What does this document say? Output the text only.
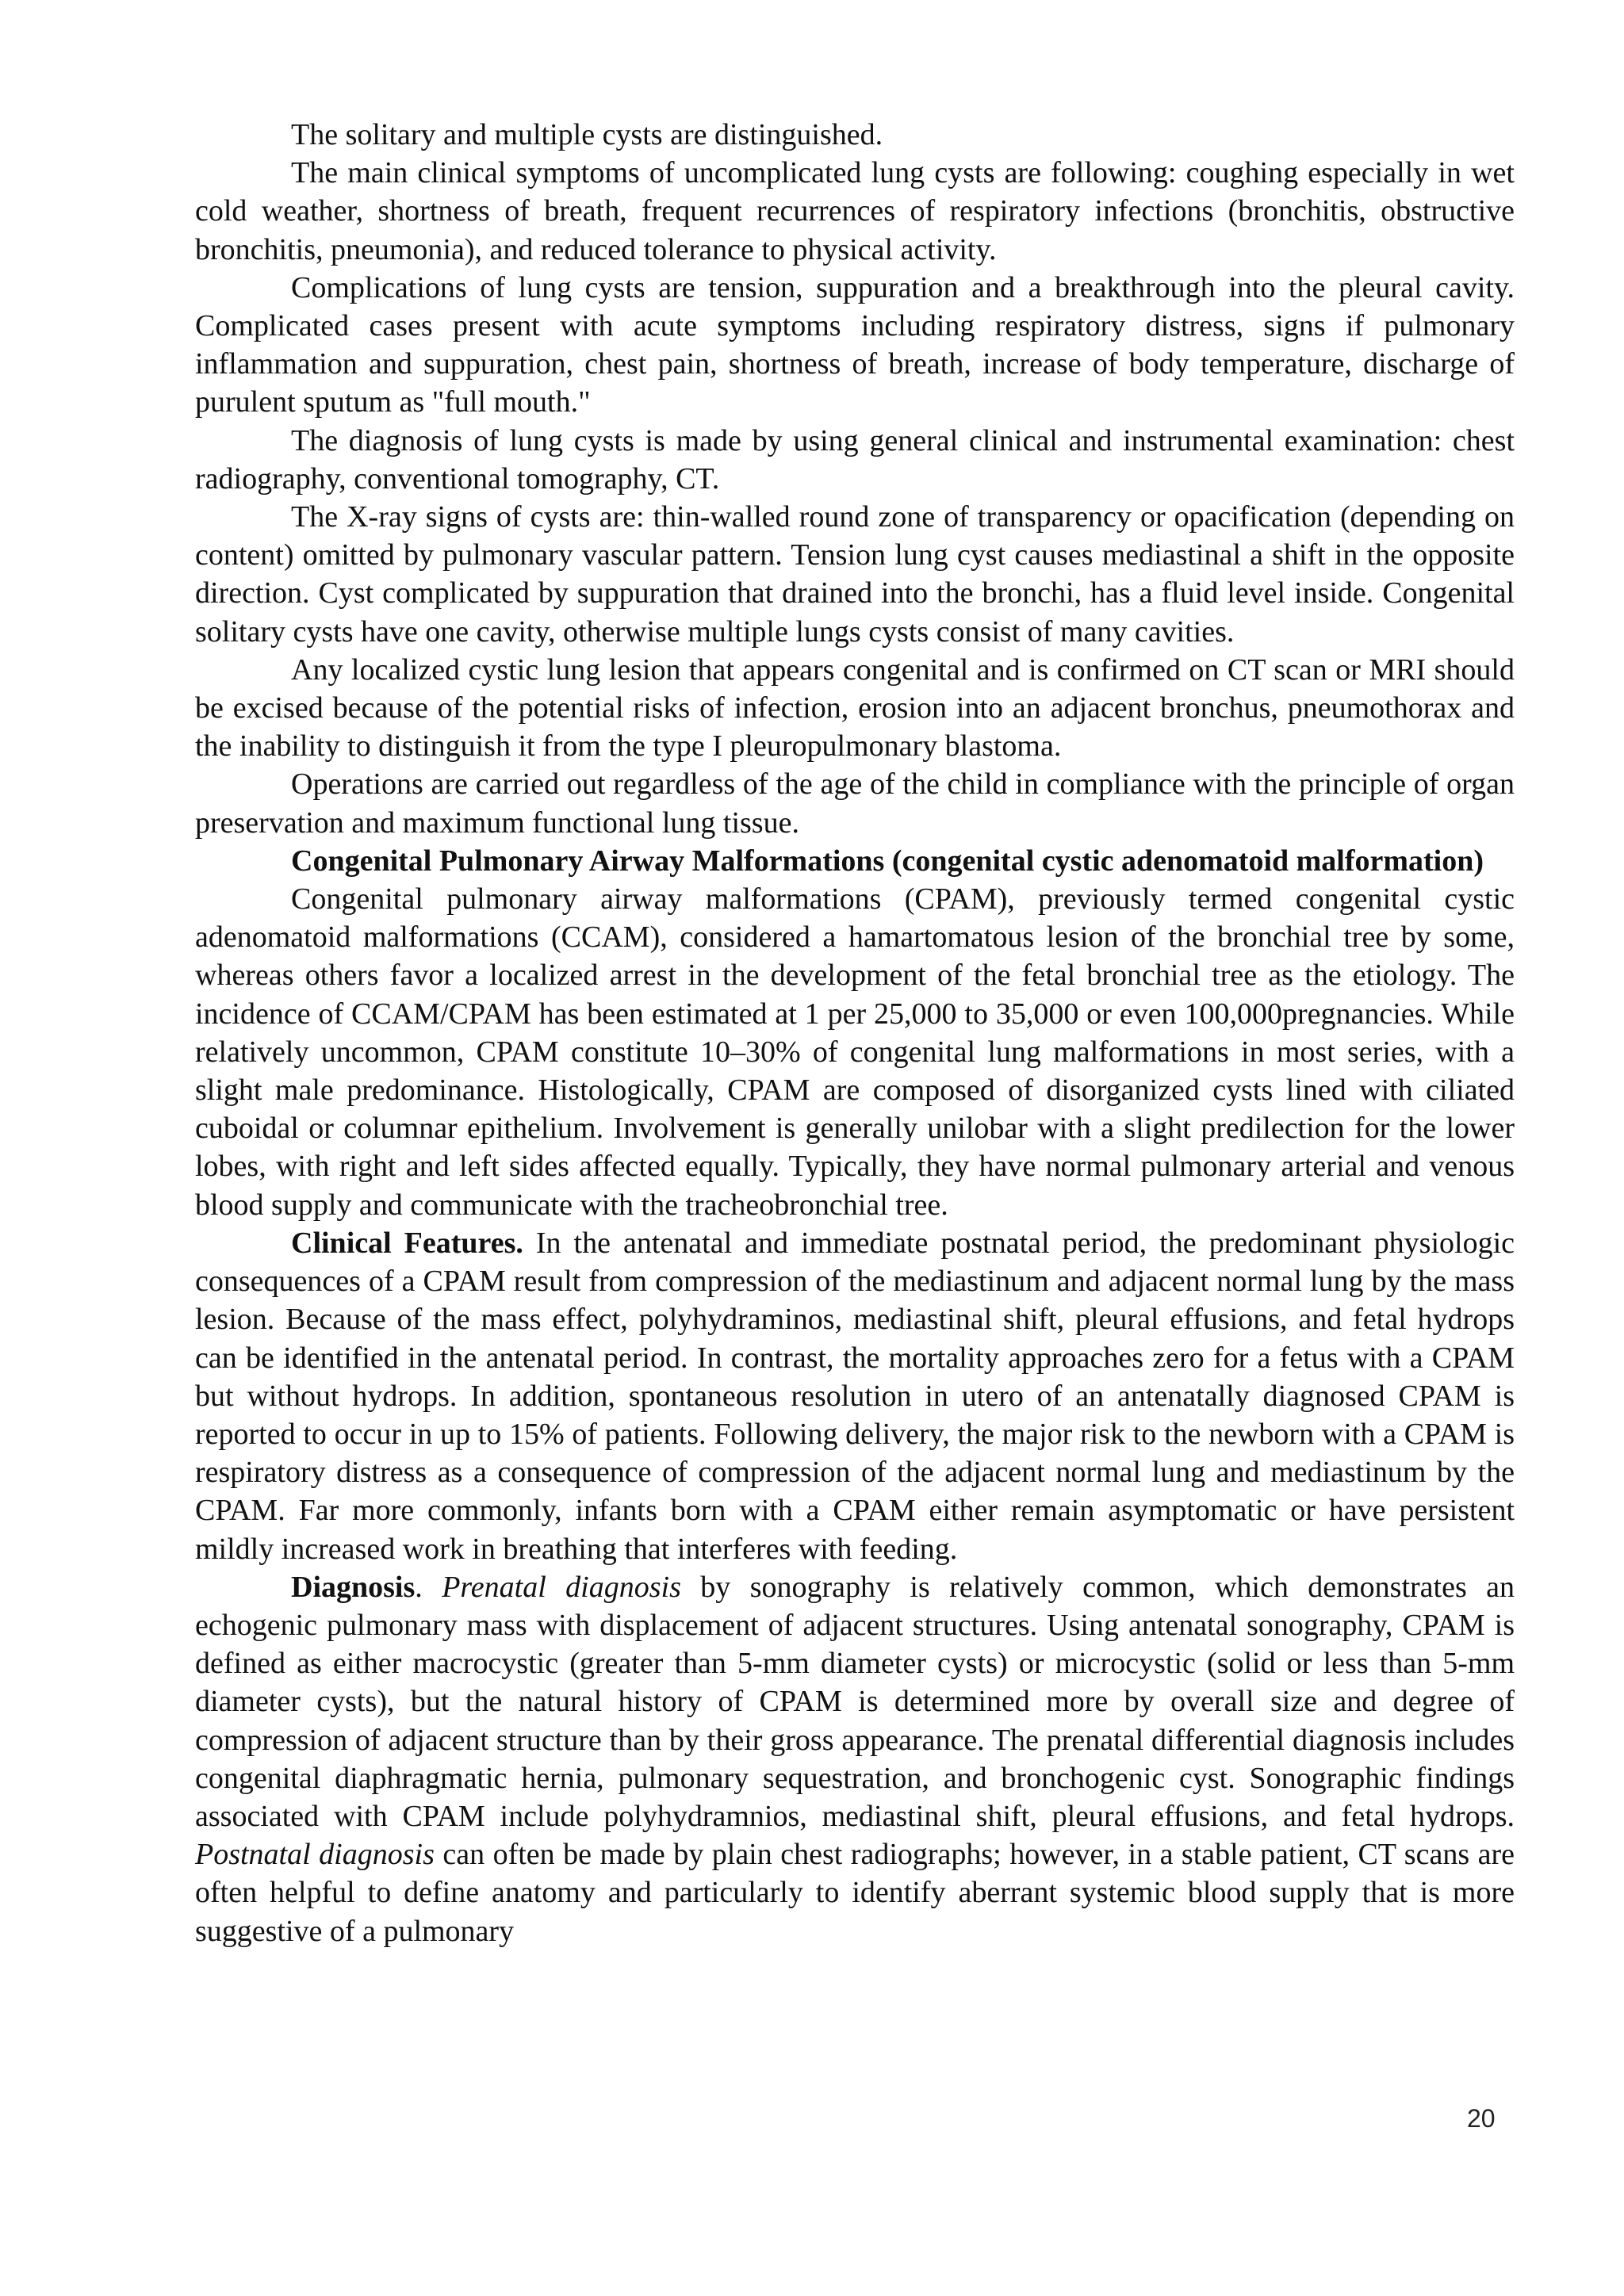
The solitary and multiple cysts are distinguished.

The main clinical symptoms of uncomplicated lung cysts are following: coughing especially in wet cold weather, shortness of breath, frequent recurrences of respiratory infections (bronchitis, obstructive bronchitis, pneumonia), and reduced tolerance to physical activity.

Complications of lung cysts are tension, suppuration and a breakthrough into the pleural cavity. Complicated cases present with acute symptoms including respiratory distress, signs if pulmonary inflammation and suppuration, chest pain, shortness of breath, increase of body temperature, discharge of purulent sputum as "full mouth."

The diagnosis of lung cysts is made by using general clinical and instrumental examination: chest radiography, conventional tomography, CT.

The X-ray signs of cysts are: thin-walled round zone of transparency or opacification (depending on content) omitted by pulmonary vascular pattern. Tension lung cyst causes mediastinal a shift in the opposite direction. Cyst complicated by suppuration that drained into the bronchi, has a fluid level inside. Congenital solitary cysts have one cavity, otherwise multiple lungs cysts consist of many cavities.

Any localized cystic lung lesion that appears congenital and is confirmed on CT scan or MRI should be excised because of the potential risks of infection, erosion into an adjacent bronchus, pneumothorax and the inability to distinguish it from the type I pleuropulmonary blastoma.

Operations are carried out regardless of the age of the child in compliance with the principle of organ preservation and maximum functional lung tissue.

Congenital Pulmonary Airway Malformations (congenital cystic adenomatoid malformation)

Congenital pulmonary airway malformations (CPAM), previously termed congenital cystic adenomatoid malformations (CCAM), considered a hamartomatous lesion of the bronchial tree by some, whereas others favor a localized arrest in the development of the fetal bronchial tree as the etiology. The incidence of CCAM/CPAM has been estimated at 1 per 25,000 to 35,000 or even 100,000pregnancies. While relatively uncommon, CPAM constitute 10–30% of congenital lung malformations in most series, with a slight male predominance. Histologically, CPAM are composed of disorganized cysts lined with ciliated cuboidal or columnar epithelium. Involvement is generally unilobar with a slight predilection for the lower lobes, with right and left sides affected equally. Typically, they have normal pulmonary arterial and venous blood supply and communicate with the tracheobronchial tree.

Clinical Features. In the antenatal and immediate postnatal period, the predominant physiologic consequences of a CPAM result from compression of the mediastinum and adjacent normal lung by the mass lesion. Because of the mass effect, polyhydraminos, mediastinal shift, pleural effusions, and fetal hydrops can be identified in the antenatal period. In contrast, the mortality approaches zero for a fetus with a CPAM but without hydrops. In addition, spontaneous resolution in utero of an antenatally diagnosed CPAM is reported to occur in up to 15% of patients. Following delivery, the major risk to the newborn with a CPAM is respiratory distress as a consequence of compression of the adjacent normal lung and mediastinum by the CPAM. Far more commonly, infants born with a CPAM either remain asymptomatic or have persistent mildly increased work in breathing that interferes with feeding.

Diagnosis. Prenatal diagnosis by sonography is relatively common, which demonstrates an echogenic pulmonary mass with displacement of adjacent structures. Using antenatal sonography, CPAM is defined as either macrocystic (greater than 5-mm diameter cysts) or microcystic (solid or less than 5-mm diameter cysts), but the natural history of CPAM is determined more by overall size and degree of compression of adjacent structure than by their gross appearance. The prenatal differential diagnosis includes congenital diaphragmatic hernia, pulmonary sequestration, and bronchogenic cyst. Sonographic findings associated with CPAM include polyhydramnios, mediastinal shift, pleural effusions, and fetal hydrops. Postnatal diagnosis can often be made by plain chest radiographs; however, in a stable patient, CT scans are often helpful to define anatomy and particularly to identify aberrant systemic blood supply that is more suggestive of a pulmonary

20
